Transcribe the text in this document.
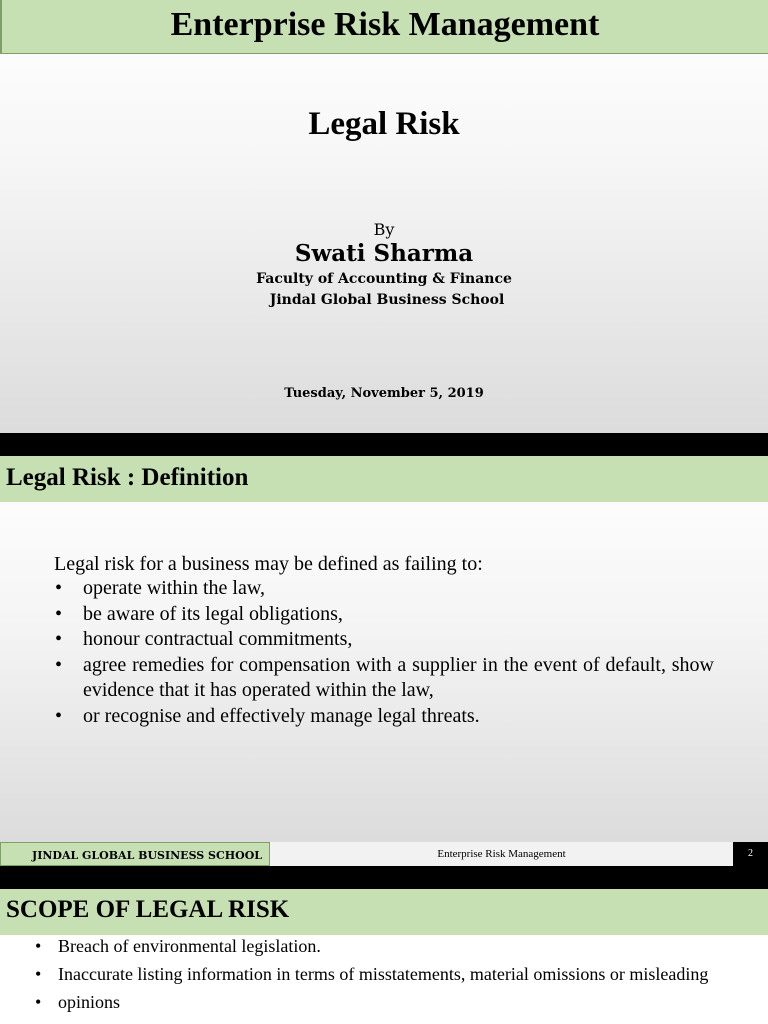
Enterprise Risk Management
Legal Risk
By
Swati Sharma
Faculty of Accounting & Finance
Jindal Global Business School
Tuesday, November 5, 2019
Legal Risk : Definition
Legal risk for a business may be defined as failing to:
• operate within the law,
• be aware of its legal obligations,
• honour contractual commitments,
• agree remedies for compensation with a supplier in the event of default, show evidence that it has operated within the law,
• or recognise and effectively manage legal threats.
JINDAL GLOBAL BUSINESS SCHOOL	Enterprise Risk Management	2
SCOPE OF LEGAL RISK
• Breach of environmental legislation.
• Inaccurate listing information in terms of misstatements, material omissions or misleading
• opinions
